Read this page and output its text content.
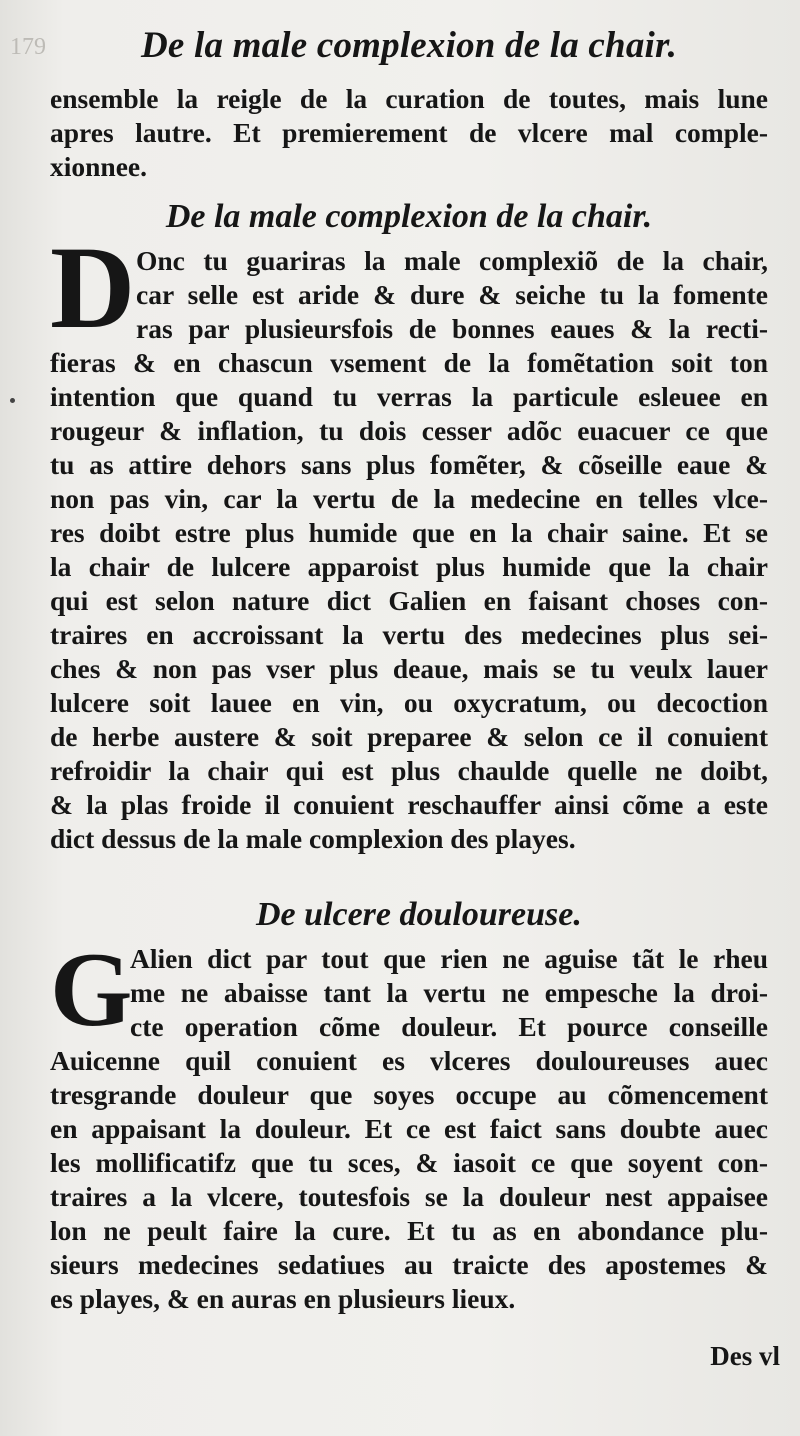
179	De la male complexion de la chair.
ensemble la reigle de la curation de toutes, mais lune
apres lautre. Et premierement de vlcere mal comple-
xionnee.
De la male complexion de la chair.
D Onc tu guariras la male complexiõ de la chair,
car selle est aride & dure & seiche tu la fomente
ras par plusieursfois de bonnes eaues & la recti-
fieras & en chascun vsement de la fomẽtation soit ton
intention que quand tu verras la particule esleuee en
rougeur & inflation, tu dois cesser adõc euacuer ce que
tu as attire dehors sans plus fomẽter, & cõseille eaue &
non pas vin, car la vertu de la medecine en telles vlce-
res doibt estre plus humide que en la chair saine. Et se
la chair de lulcere apparoist plus humide que la chair
qui est selon nature dict Galien en faisant choses con-
traires en accroissant la vertu des medecines plus sei-
ches & non pas vser plus deaue, mais se tu veulx lauer
lulcere soit lauee en vin, ou oxycratum, ou decoction
de herbe austere & soit preparee & selon ce il conuient
refroidir la chair qui est plus chaulde quelle ne doibt,
& la plas froide il conuient reschauffer ainsi cõme a este
dict dessus de la male complexion des playes.
De ulcere douloureuse.
G
Alien dict par tout que rien ne aguise tãt le rheu
me ne abaisse tant la vertu ne empesche la droi-
cte operation cõme douleur. Et pource conseille
Auicenne quil conuient es vlceres douloureuses auec
tresgrande douleur que soyes occupe au cõmencement
en appaisant la douleur. Et ce est faict sans doubte auec
les mollificatifz que tu sces, & iasoit ce que soyent con-
traires a la vlcere, toutesfois se la douleur nest appaisee
lon ne peult faire la cure. Et tu as en abondance plu-
sieurs medecines sedatiues au traicte des apostemes &
es playes, & en auras en plusieurs lieux.
Des vl
